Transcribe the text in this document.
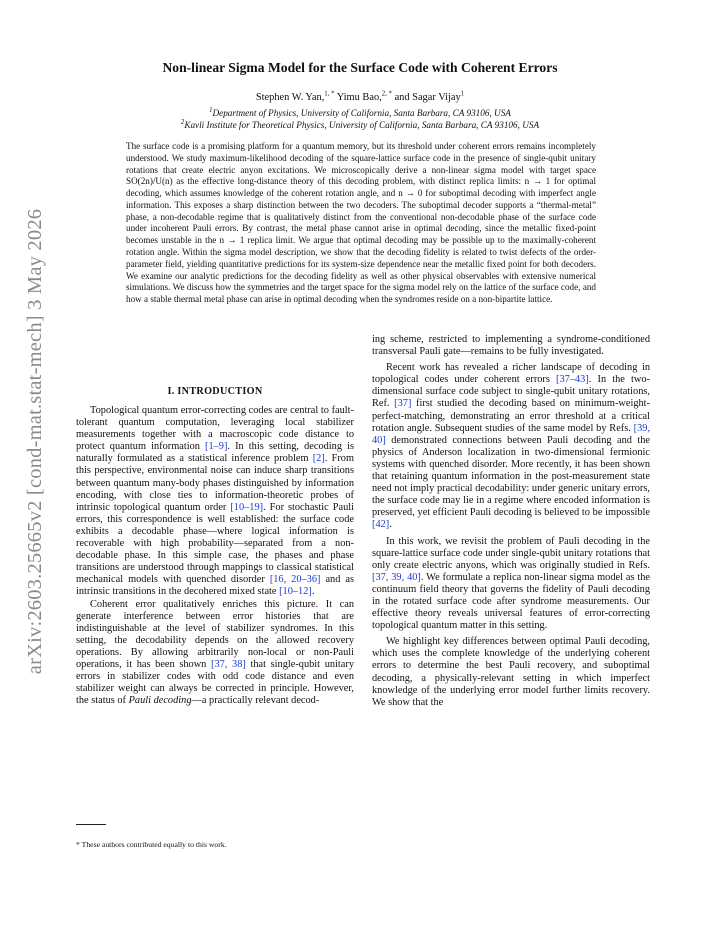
arXiv:2603.25665v2 [cond-mat.stat-mech] 3 May 2026
Non-linear Sigma Model for the Surface Code with Coherent Errors

Stephen W. Yan,$^{1, *}$ Yimu Bao,$^{2, *}$ and Sagar Vijay$^1$

$^1$Department of Physics, University of California, Santa Barbara, CA 93106, USA

$^2$Kavli Institute for Theoretical Physics, University of California, Santa Barbara, CA 93106, USA

The surface code is a promising platform for a quantum memory, but its threshold under coherent errors remains incompletely understood. We study maximum-likelihood decoding of the square-lattice surface code in the presence of single-qubit unitary rotations that create electric anyon excitations. We microscopically derive a non-linear sigma model with target space SO(2n)/U(n) as the effective long-distance theory of this decoding problem, with distinct replica limits: n → 1 for optimal decoding, which assumes knowledge of the coherent rotation angle, and n → 0 for suboptimal decoding with imperfect angle information. This exposes a sharp distinction between the two decoders. The suboptimal decoder supports a “thermal-metal” phase, a non-decodable regime that is qualitatively distinct from the conventional non-decodable phase of the surface code under incoherent Pauli errors. By contrast, the metal phase cannot arise in optimal decoding, since the metallic fixed-point becomes unstable in the n → 1 replica limit. We argue that optimal decoding may be possible up to the maximally-coherent rotation angle. Within the sigma model description, we show that the decoding fidelity is related to twist defects of the order-parameter field, yielding quantitative predictions for its system-size dependence near the metallic fixed point for both decoders. We examine our analytic predictions for the decoding fidelity as well as other physical observables with extensive numerical simulations. We discuss how the symmetries and the target space for the sigma model rely on the lattice of the surface code, and how a stable thermal metal phase can arise in optimal decoding when the syndromes reside on a non-bipartite lattice.

I. INTRODUCTION

Topological quantum error-correcting codes are central to fault-tolerant quantum computation, leveraging local stabilizer measurements together with a macroscopic code distance to protect quantum information [1–9]. In this setting, decoding is naturally formulated as a statistical inference problem [2]. From this perspective, environmental noise can induce sharp transitions between quantum many-body phases distinguished by information encoding, with close ties to information-theoretic probes of intrinsic topological quantum order [10–19]. For stochastic Pauli errors, this correspondence is well established: the surface code exhibits a decodable phase—where logical information is recoverable with high probability—separated from a non-decodable phase. In this simple case, the phases and phase transitions are understood through mappings to classical statistical mechanical models with quenched disorder [16, 20–36] and as intrinsic transitions in the decohered mixed state [10–12].

Coherent error qualitatively enriches this picture. It can generate interference between error histories that are indistinguishable at the level of stabilizer syndromes. In this setting, the decodability depends on the allowed recovery operations. By allowing arbitrarily non-local or non-Pauli operations, it has been shown [37, 38] that single-qubit unitary errors in stabilizer codes with odd code distance and even stabilizer weight can always be corrected in principle. However, the status of Pauli decoding—a practically relevant decod-

ing scheme, restricted to implementing a syndrome-conditioned transversal Pauli gate—remains to be fully investigated.

Recent work has revealed a richer landscape of decoding in topological codes under coherent errors [37–43]. In the two-dimensional surface code subject to single-qubit unitary rotations, Ref. [37] first studied the decoding based on minimum-weight-perfect-matching, demonstrating an error threshold at a critical rotation angle. Subsequent studies of the same model by Refs. [39, 40] demonstrated connections between Pauli decoding and the physics of Anderson localization in two-dimensional fermionic systems with quenched disorder. More recently, it has been shown that retaining quantum information in the post-measurement state need not imply practical decodability: under generic unitary errors, the surface code may lie in a regime where encoded information is preserved, yet efficient Pauli decoding is believed to be impossible [42].

In this work, we revisit the problem of Pauli decoding in the square-lattice surface code under single-qubit unitary rotations that only create electric anyons, which was originally studied in Refs. [37, 39, 40]. We formulate a replica non-linear sigma model as the continuum field theory that governs the fidelity of Pauli decoding in the rotated surface code after syndrome measurements. Our effective theory reveals universal features of error-correcting topological quantum matter in this setting.

We highlight key differences between optimal Pauli decoding, which uses the complete knowledge of the underlying coherent errors to determine the best Pauli recovery, and suboptimal decoding, a physically-relevant setting in which imperfect knowledge of the underlying error model further limits recovery. We show that the

* These authors contributed equally to this work.
